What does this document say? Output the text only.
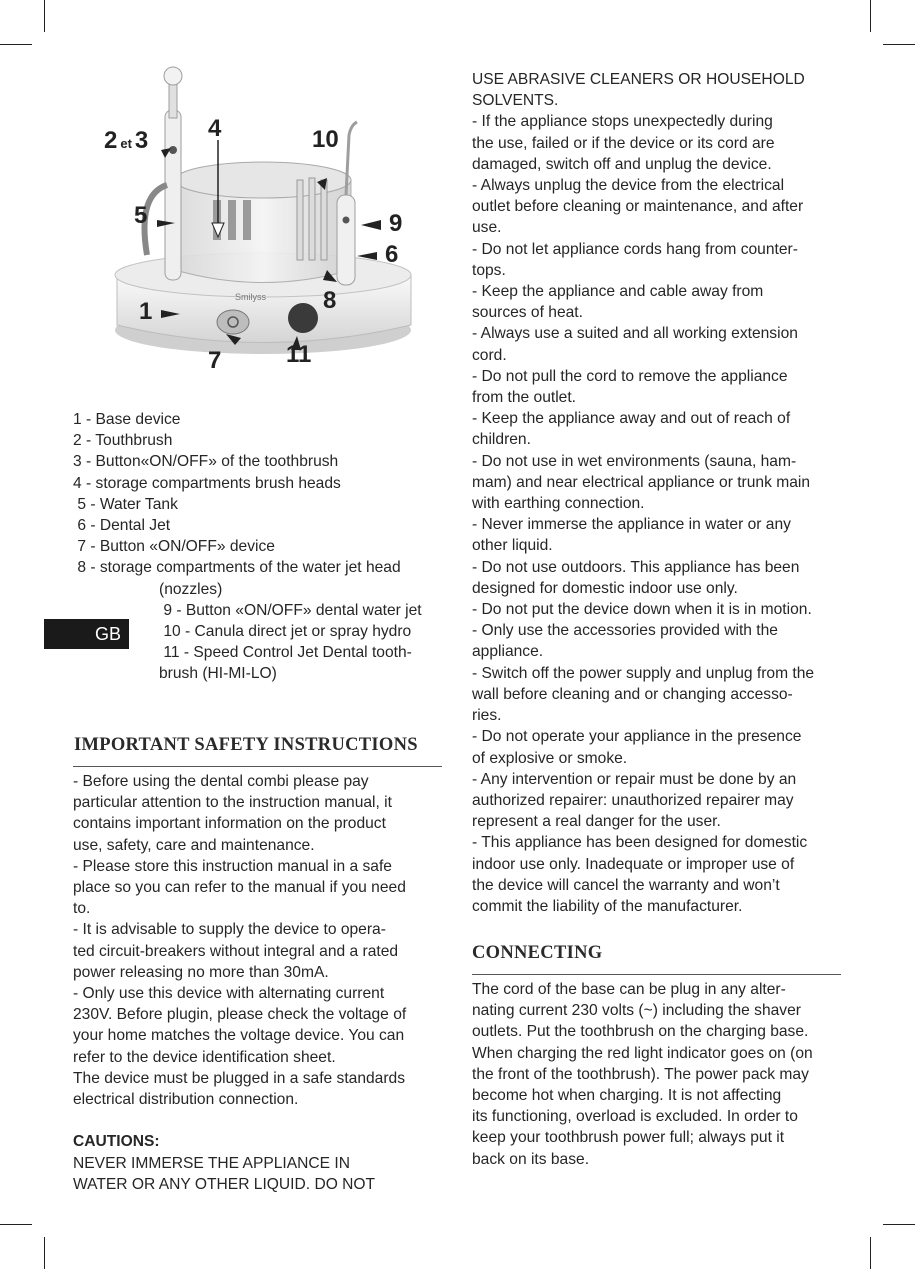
Smilyss
2 et 3 4	10
5	9
6
8
1
11
7

1 - Base device

2 - Touthbrush

3 - Button«ON/OFF» of the toothbrush

4 - storage compartments brush heads

5 - Water Tank

6 - Dental Jet

7 - Button «ON/OFF» device

8 - storage compartments of the water jet head

(nozzles)

9 - Button «ON/OFF» dental water jet

10 - Canula direct jet or spray hydro

11 - Speed Control Jet Dental tooth-

brush (HI-MI-LO)

GB
IMPORTANT SAFETY INSTRUCTIONS

- Before using the dental combi please pay

particular attention to the instruction manual, it

contains important information on the product

use, safety, care and maintenance.

- Please store this instruction manual in a safe

place so you can refer to the manual if you need

to.

- It is advisable to supply the device to opera-

ted circuit-breakers without integral and a rated

power releasing no more than 30mA.

- Only use this device with alternating current

230V. Before plugin, please check the voltage of

your home matches the voltage device. You can

refer to the device identification sheet.

The device must be plugged in a safe standards

electrical distribution connection.

CAUTIONS:

NEVER IMMERSE THE APPLIANCE IN

WATER OR ANY OTHER LIQUID. DO NOT

USE ABRASIVE CLEANERS OR HOUSEHOLD

SOLVENTS.

- If the appliance stops unexpectedly during

the use, failed or if the device or its cord are

damaged, switch off and unplug the device.

- Always unplug the device from the electrical

outlet before cleaning or maintenance, and after

use.

- Do not let appliance cords hang from counter-

tops.

- Keep the appliance and cable away from

sources of heat.

- Always use a suited and all working extension

cord.

- Do not pull the cord to remove the appliance

from the outlet.

- Keep the appliance away and out of reach of

children.

- Do not use in wet environments (sauna, ham-

mam) and near electrical appliance or trunk main

with earthing connection.

- Never immerse the appliance in water or any

other liquid.

- Do not use outdoors. This appliance has been

designed for domestic indoor use only.

- Do not put the device down when it is in motion.

- Only use the accessories provided with the

appliance.

- Switch off the power supply and unplug from the

wall before cleaning and or changing accesso-

ries.

- Do not operate your appliance in the presence

of explosive or smoke.

- Any intervention or repair must be done by an

authorized repairer: unauthorized repairer may

represent a real danger for the user.

- This appliance has been designed for domestic

indoor use only. Inadequate or improper use of

the device will cancel the warranty and won’t

commit the liability of the manufacturer.

CONNECTING

The cord of the base can be plug in any alter-

nating current 230 volts (~) including the shaver

outlets. Put the toothbrush on the charging base.

When charging the red light indicator goes on (on

the front of the toothbrush). The power pack may

become hot when charging. It is not affecting

its functioning, overload is excluded. In order to

keep your toothbrush power full; always put it

back on its base.
